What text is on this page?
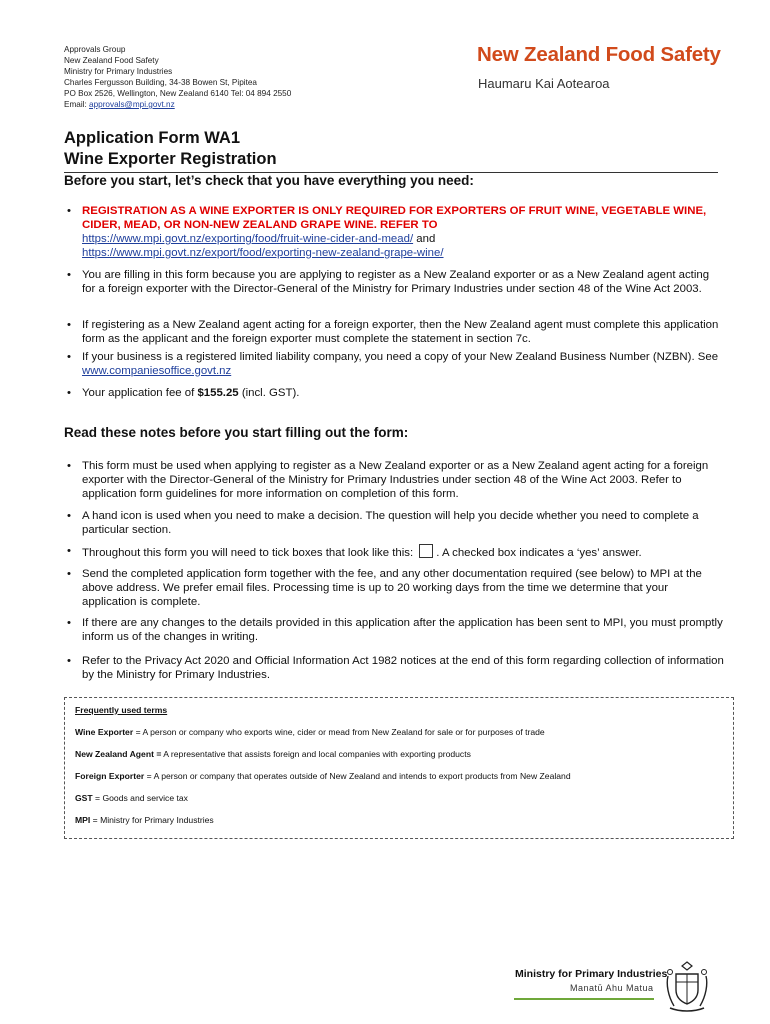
Approvals Group
New Zealand Food Safety
Ministry for Primary Industries
Charles Fergusson Building, 34-38 Bowen St, Pipitea
PO Box 2526, Wellington, New Zealand 6140 Tel: 04 894 2550
Email: approvals@mpi.govt.nz
New Zealand Food Safety
Haumaru Kai Aotearoa
Application Form WA1
Wine Exporter Registration
Before you start, let’s check that you have everything you need:
• REGISTRATION AS A WINE EXPORTER IS ONLY REQUIRED FOR EXPORTERS OF FRUIT WINE, VEGETABLE WINE, CIDER, MEAD, OR NON-NEW ZEALAND GRAPE WINE. REFER TO
https://www.mpi.govt.nz/exporting/food/fruit-wine-cider-and-mead/ and
https://www.mpi.govt.nz/export/food/exporting-new-zealand-grape-wine/
• You are filling in this form because you are applying to register as a New Zealand exporter or as a New Zealand agent acting for a foreign exporter with the Director-General of the Ministry for Primary Industries under section 48 of the Wine Act 2003.
• If registering as a New Zealand agent acting for a foreign exporter, then the New Zealand agent must complete this application form as the applicant and the foreign exporter must complete the statement in section 7c.
• If your business is a registered limited liability company, you need a copy of your New Zealand Business Number (NZBN). See www.companiesoffice.govt.nz
• Your application fee of $155.25 (incl. GST).
Read these notes before you start filling out the form:
• This form must be used when applying to register as a New Zealand exporter or as a New Zealand agent acting for a foreign exporter with the Director-General of the Ministry for Primary Industries under section 48 of the Wine Act 2003. Refer to application form guidelines for more information on completion of this form.
• A hand icon is used when you need to make a decision. The question will help you decide whether you need to complete a particular section.
• Throughout this form you will need to tick boxes that look like this: . A checked box indicates a ‘yes’ answer.
• Send the completed application form together with the fee, and any other documentation required (see below) to MPI at the above address. We prefer email files. Processing time is up to 20 working days from the time we determine that your application is complete.
• If there are any changes to the details provided in this application after the application has been sent to MPI, you must promptly inform us of the changes in writing.
• Refer to the Privacy Act 2020 and Official Information Act 1982 notices at the end of this form regarding collection of information by the Ministry for Primary Industries.
Frequently used terms
Wine Exporter = A person or company who exports wine, cider or mead from New Zealand for sale or for purposes of trade
New Zealand Agent = A representative that assists foreign and local companies with exporting products
Foreign Exporter = A person or company that operates outside of New Zealand and intends to export products from New Zealand
GST = Goods and service tax
MPI = Ministry for Primary Industries
Ministry for Primary Industries
Manatū Ahu Matua
